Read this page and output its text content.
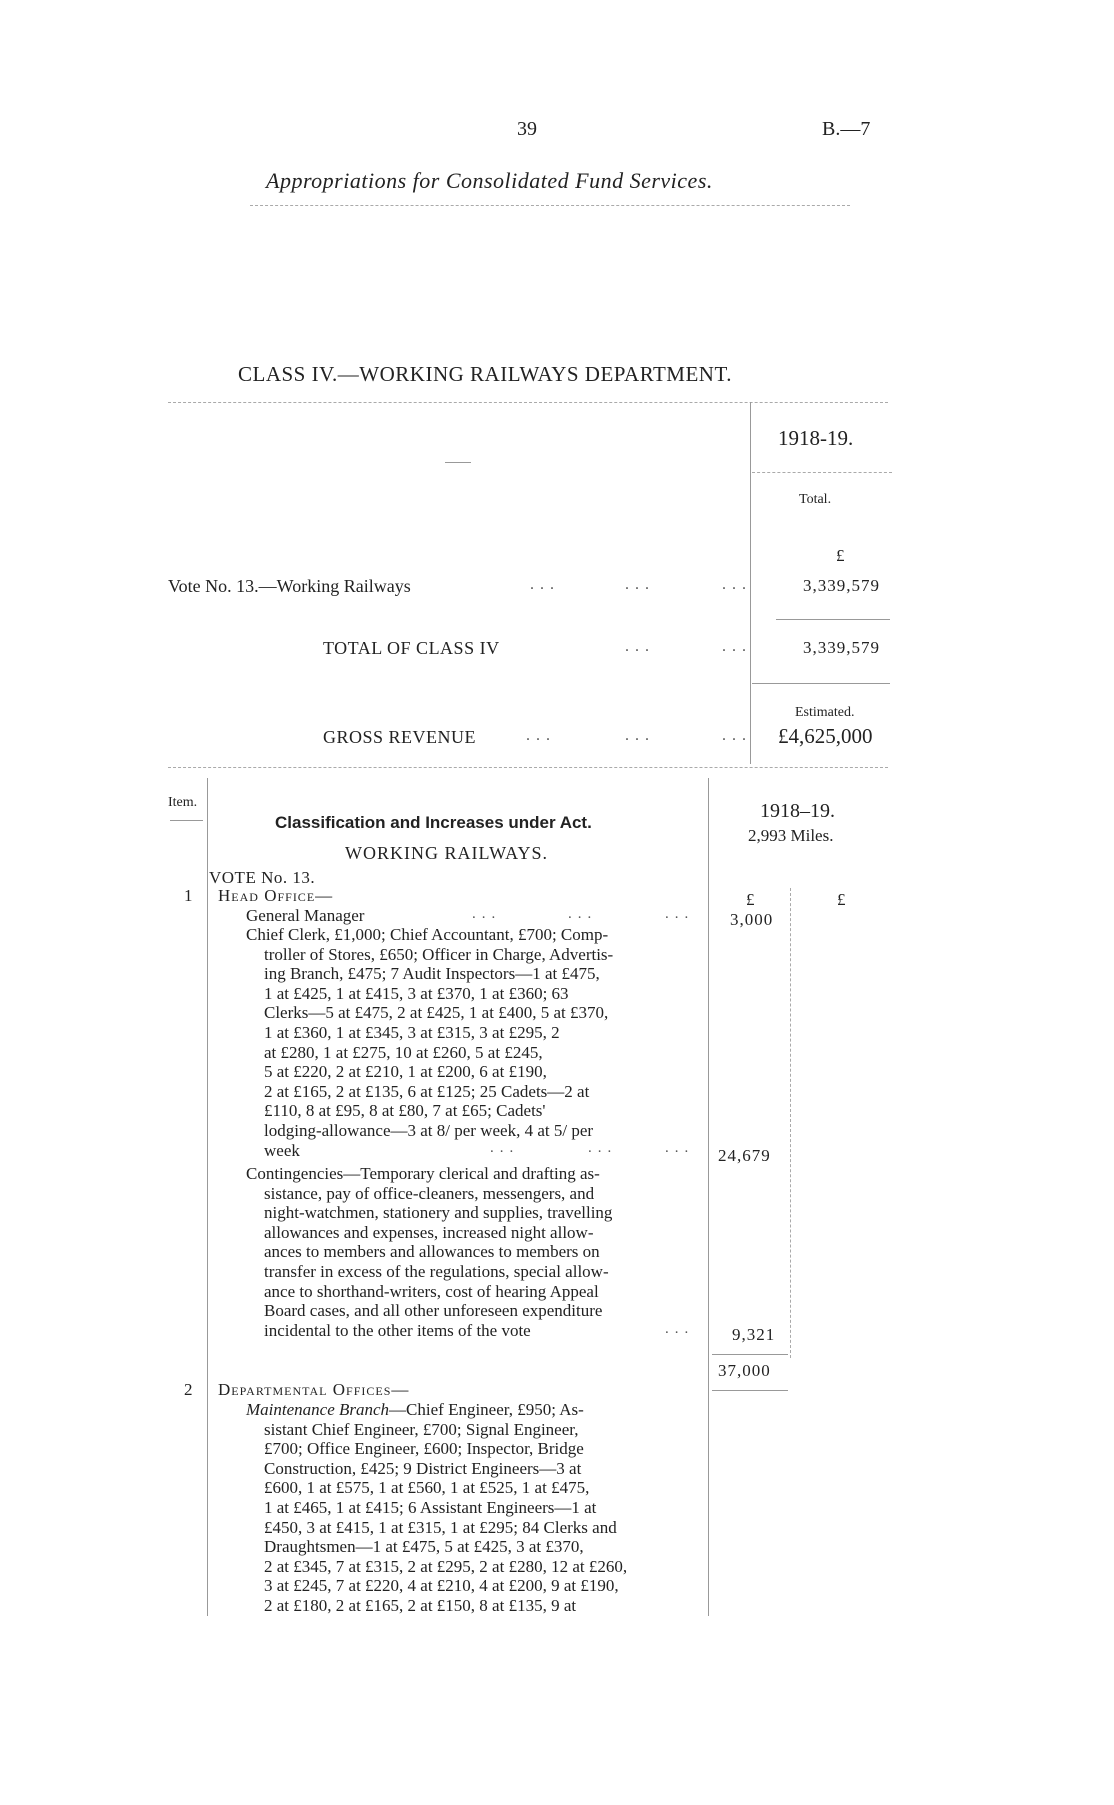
39	B.—7
Appropriations for Consolidated Fund Services.
CLASS IV.—WORKING RAILWAYS DEPARTMENT.
1918-19.
Total.
£
Vote No. 13.—Working Railways	...	...	...	3,339,579
TOTAL OF CLASS IV	...	...	3,339,579
Estimated.
GROSS REVENUE	...	...	... £4,625,000
Item.
Classification and Increases under Act.
1918–19.
2,993 Miles.
WORKING RAILWAYS.
VOTE No. 13.
1 Head Office—	£	£
General Manager	...	...	... 3,000
Chief Clerk, £1,000; Chief Accountant, £700; Comp-
troller of Stores, £650; Officer in Charge, Advertis-
ing Branch, £475; 7 Audit Inspectors—1 at £475,
1 at £425, 1 at £415, 3 at £370, 1 at £360; 63
Clerks—5 at £475, 2 at £425, 1 at £400, 5 at £370,
1 at £360, 1 at £345, 3 at £315, 3 at £295, 2
at £280, 1 at £275, 10 at £260, 5 at £245,
5 at £220, 2 at £210, 1 at £200, 6 at £190,
2 at £165, 2 at £135, 6 at £125; 25 Cadets—2 at
£110, 8 at £95, 8 at £80, 7 at £65; Cadets'
lodging-allowance—3 at 8/ per week, 4 at 5/ per
week	...	...	... 24,679
Contingencies—Temporary clerical and drafting as-
sistance, pay of office-cleaners, messengers, and
night-watchmen, stationery and supplies, travelling
allowances and expenses, increased night allow-
ances to members and allowances to members on
transfer in excess of the regulations, special allow-
ance to shorthand-writers, cost of hearing Appeal
Board cases, and all other unforeseen expenditure
incidental to the other items of the vote	... 9,321
37,000
2 Departmental Offices—
Maintenance Branch—Chief Engineer, £950; As-
sistant Chief Engineer, £700; Signal Engineer,
£700; Office Engineer, £600; Inspector, Bridge
Construction, £425; 9 District Engineers—3 at
£600, 1 at £575, 1 at £560, 1 at £525, 1 at £475,
1 at £465, 1 at £415; 6 Assistant Engineers—1 at
£450, 3 at £415, 1 at £315, 1 at £295; 84 Clerks and
Draughtsmen—1 at £475, 5 at £425, 3 at £370,
2 at £345, 7 at £315, 2 at £295, 2 at £280, 12 at £260,
3 at £245, 7 at £220, 4 at £210, 4 at £200, 9 at £190,
2 at £180, 2 at £165, 2 at £150, 8 at £135, 9 at
